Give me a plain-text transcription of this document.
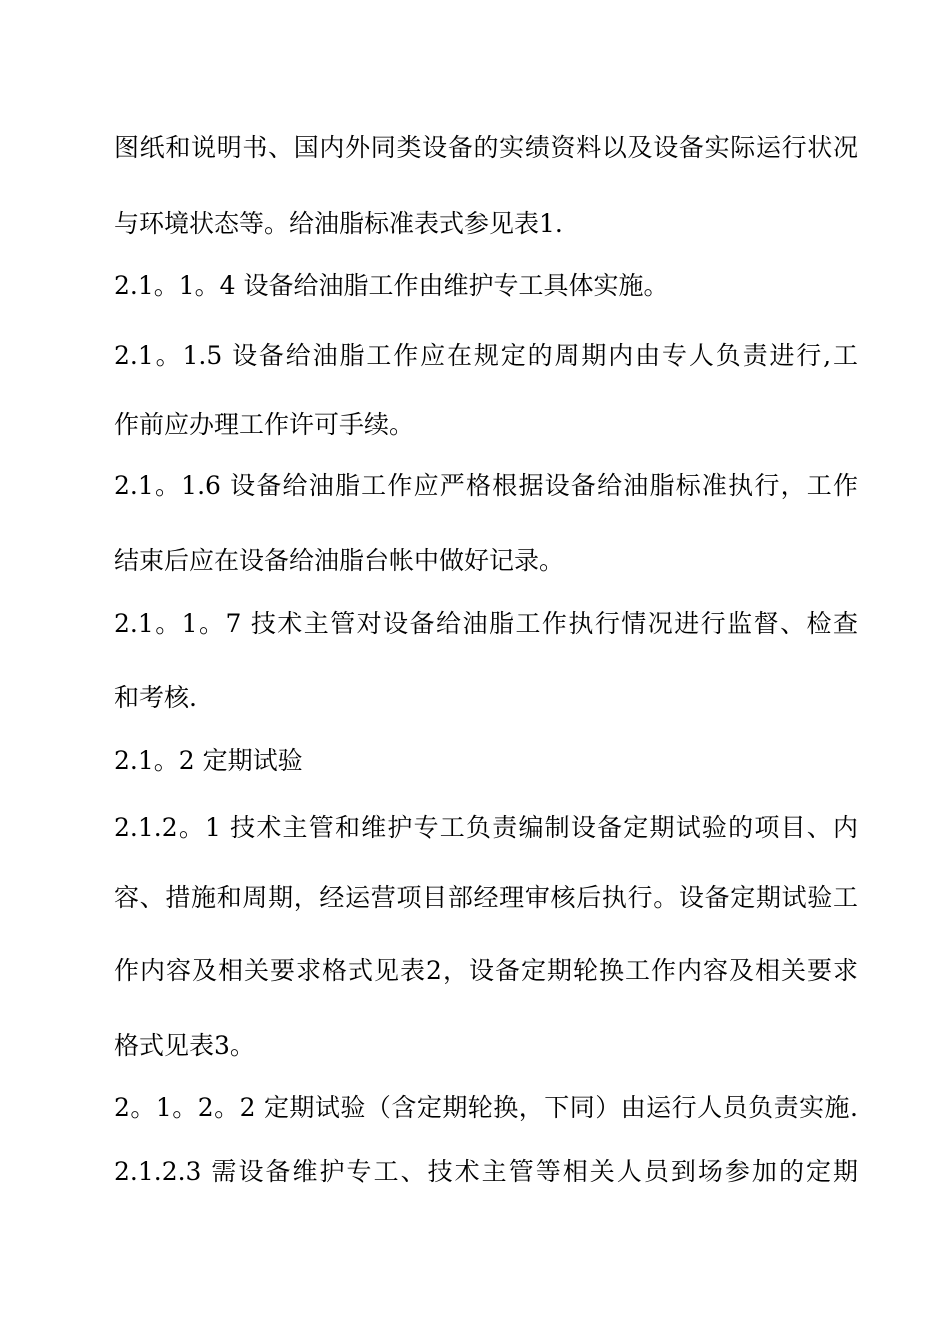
图纸和说明书、国内外同类设备的实绩资料以及设备实际运行状况
与环境状态等。给油脂标准表式参见表1.
2.1。1。4 设备给油脂工作由维护专工具体实施。
2.1。1.5 设备给油脂工作应在规定的周期内由专人负责进行,工
作前应办理工作许可手续。
2.1。1.6 设备给油脂工作应严格根据设备给油脂标准执行，工作
结束后应在设备给油脂台帐中做好记录。
2.1。1。7 技术主管对设备给油脂工作执行情况进行监督、检查
和考核.
2.1。2 定期试验
2.1.2。1 技术主管和维护专工负责编制设备定期试验的项目、内
容、措施和周期，经运营项目部经理审核后执行。设备定期试验工
作内容及相关要求格式见表2，设备定期轮换工作内容及相关要求
格式见表3。
2。1。2。2 定期试验（含定期轮换，下同）由运行人员负责实施.
2.1.2.3 需设备维护专工、技术主管等相关人员到场参加的定期
